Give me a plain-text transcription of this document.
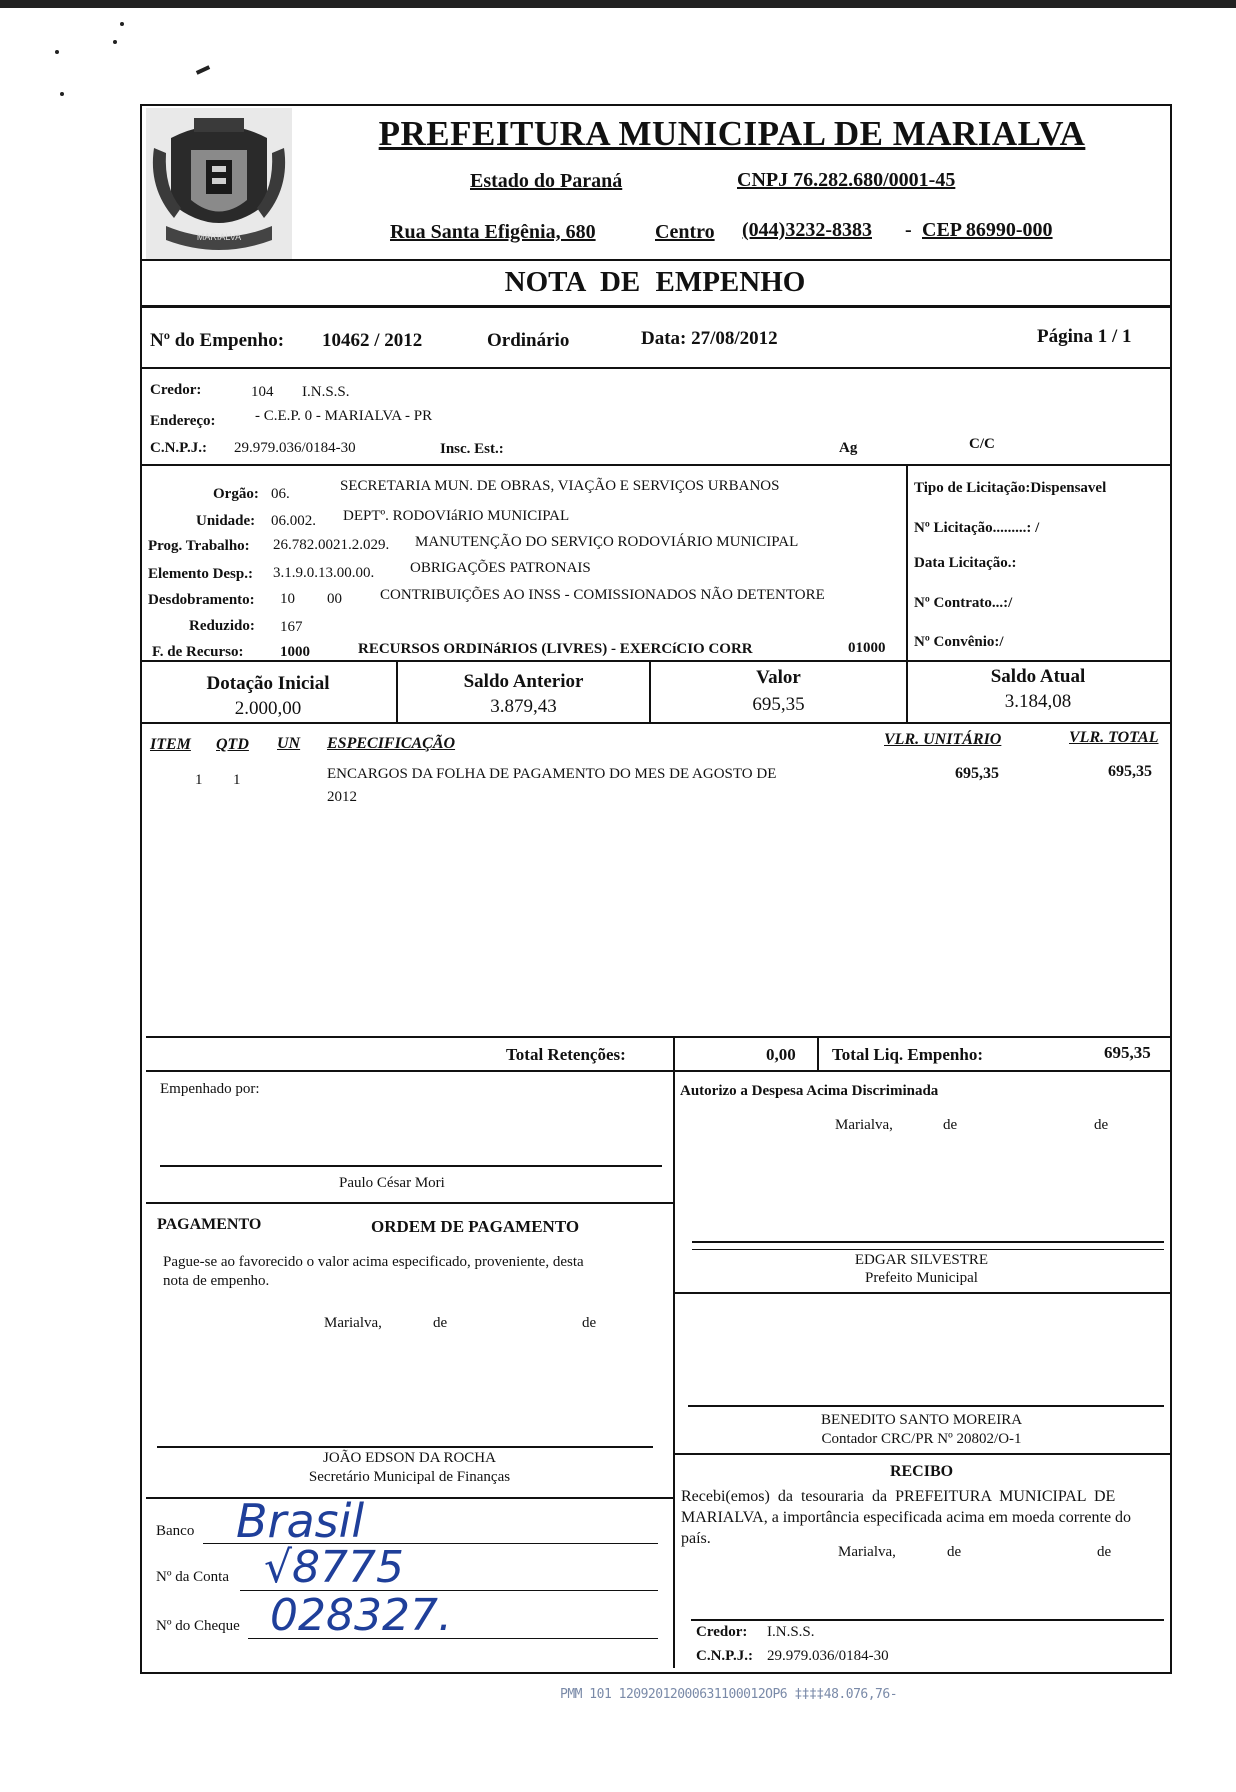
MARIALVA
PREFEITURA MUNICIPAL DE MARIALVA
Estado do Paraná	CNPJ 76.282.680/0001-45
Rua Santa Efigênia, 680	Centro (044)3232-8383 - CEP 86990-000
NOTA DE EMPENHO
Nº do Empenho: 10462 / 2012	Ordinário	Data: 27/08/2012	Página 1 / 1
Credor:	104 I.N.S.S.
Endereço:	- C.E.P. 0 - MARIALVA - PR
C.N.P.J.: 29.979.036/0184-30	Insc. Est.:	Ag	C/C
Orgão: 06.	SECRETARIA MUN. DE OBRAS, VIAÇÃO E SERVIÇOS URBANOS
Unidade: 06.002. DEPTº. RODOVIáRIO MUNICIPAL
Prog. Trabalho: 26.782.0021.2.029. MANUTENÇÃO DO SERVIÇO RODOVIÁRIO MUNICIPAL
Elemento Desp.: 3.1.9.0.13.00.00. OBRIGAÇÕES PATRONAIS
Desdobramento: 10 00	CONTRIBUIÇÕES AO INSS - COMISSIONADOS NÃO DETENTORE
Reduzido: 167
F. de Recurso: 1000	RECURSOS ORDINáRIOS (LIVRES) - EXERCíCIO CORR	01000
Tipo de Licitação:Dispensavel
Nº Licitação.........: /
Data Licitação.:
Nº Contrato...:/
Nº Convênio:/
Dotação Inicial
2.000,00
Saldo Anterior
3.879,43
Valor
695,35
Saldo Atual
3.184,08
ITEM QTD UN ESPECIFICAÇÃO	VLR. UNITÁRIO	VLR. TOTAL
1 1	ENCARGOS DA FOLHA DE PAGAMENTO DO MES DE AGOSTO DE
2012
695,35	695,35
Total Retenções:	0,00 Total Liq. Empenho:	695,35
Empenhado por:
Paulo César Mori
PAGAMENTO	ORDEM DE PAGAMENTO
Pague-se ao favorecido o valor acima especificado, proveniente, desta
nota de empenho.
Marialva,	de	de
JOÃO EDSON DA ROCHA
Secretário Municipal de Finanças
Banco Brasil
Nº da Conta √8775
Nº do Cheque 028327.
Autorizo a Despesa Acima Discriminada
Marialva,	de	de
EDGAR SILVESTRE
Prefeito Municipal
BENEDITO SANTO MOREIRA
Contador CRC/PR Nº 20802/O-1
RECIBO
Recebi(emos) da tesouraria da PREFEITURA MUNICIPAL DE
MARIALVA, a importância especificada acima em moeda corrente do
país.
Marialva,	de	de
Credor: I.N.S.S.
C.N.P.J.: 29.979.036/0184-30
PMM 101 12092012000631100012OP6 ‡‡‡‡48.076,76-
